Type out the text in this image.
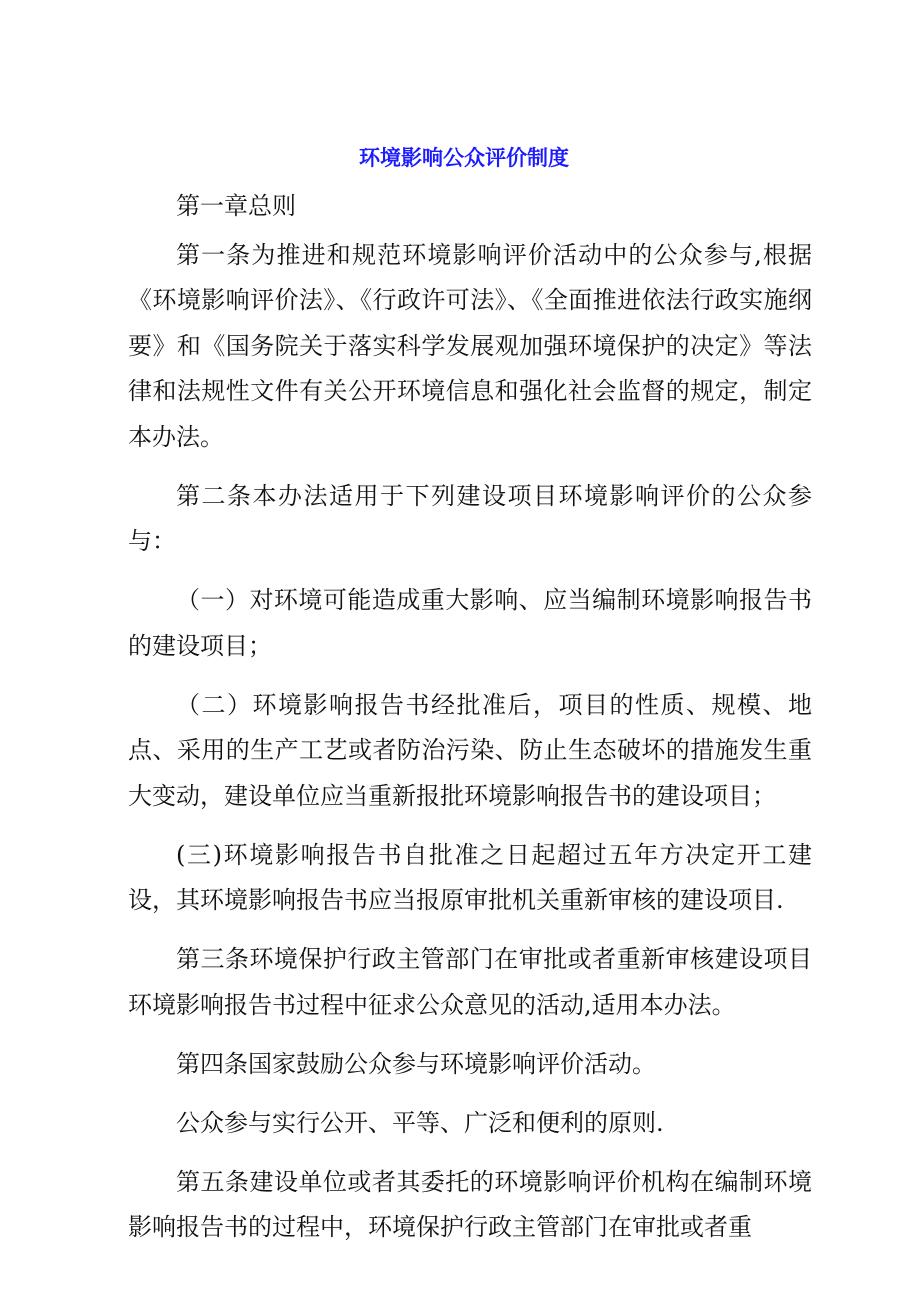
环境影响公众评价制度

第一章总则

第一条为推进和规范环境影响评价活动中的公众参与,根据《环境影响评价法》、《行政许可法》、《全面推进依法行政实施纲要》和《国务院关于落实科学发展观加强环境保护的决定》等法律和法规性文件有关公开环境信息和强化社会监督的规定，制定本办法。

第二条本办法适用于下列建设项目环境影响评价的公众参与：

（一）对环境可能造成重大影响、应当编制环境影响报告书的建设项目；

（二）环境影响报告书经批准后，项目的性质、规模、地点、采用的生产工艺或者防治污染、防止生态破坏的措施发生重大变动，建设单位应当重新报批环境影响报告书的建设项目；

(三)环境影响报告书自批准之日起超过五年方决定开工建设，其环境影响报告书应当报原审批机关重新审核的建设项目.

第三条环境保护行政主管部门在审批或者重新审核建设项目环境影响报告书过程中征求公众意见的活动,适用本办法。

第四条国家鼓励公众参与环境影响评价活动。

公众参与实行公开、平等、广泛和便利的原则.

第五条建设单位或者其委托的环境影响评价机构在编制环境影响报告书的过程中，环境保护行政主管部门在审批或者重
